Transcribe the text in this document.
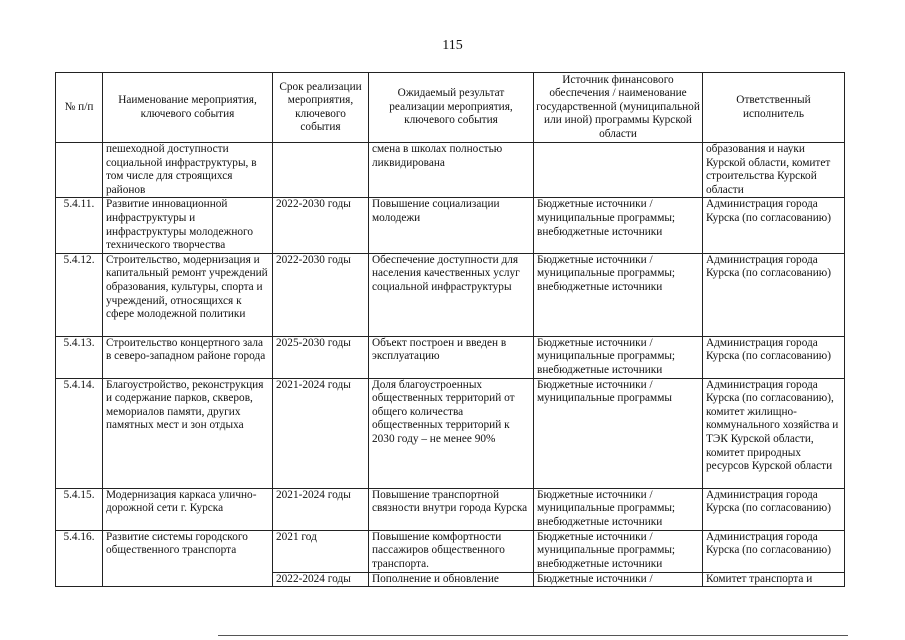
115
№ п/п	Наименование мероприятия, ключевого события	Срок реализации мероприятия, ключевого события	Ожидаемый результат реализации мероприятия, ключевого события	Источник финансового обеспечения / наименование государственной (муниципальной или иной) программы Курской области	Ответственный исполнитель
	пешеходной доступности социальной инфраструктуры, в том числе для строящихся районов		смена в школах полностью ликвидирована		образования и науки Курской области, комитет строительства Курской области
5.4.11.	Развитие инновационной инфраструктуры и инфраструктуры молодежного технического творчества	2022-2030 годы	Повышение социализации молодежи	Бюджетные источники / муниципальные программы; внебюджетные источники	Администрация города Курска (по согласованию)
5.4.12.	Строительство, модернизация и капитальный ремонт учреждений образования, культуры, спорта и учреждений, относящихся к сфере молодежной политики	2022-2030 годы	Обеспечение доступности для населения качественных услуг социальной инфраструктуры	Бюджетные источники / муниципальные программы; внебюджетные источники	Администрация города Курска (по согласованию)
5.4.13.	Строительство концертного зала в северо-западном районе города	2025-2030 годы	Объект построен и введен в эксплуатацию	Бюджетные источники / муниципальные программы; внебюджетные источники	Администрация города Курска (по согласованию)
5.4.14.	Благоустройство, реконструкция и содержание парков, скверов, мемориалов памяти, других памятных мест и зон отдыха	2021-2024 годы	Доля благоустроенных общественных территорий от общего количества общественных территорий к 2030 году – не менее 90%	Бюджетные источники / муниципальные программы	Администрация города Курска (по согласованию), комитет жилищно-коммунального хозяйства и ТЭК Курской области, комитет природных ресурсов Курской области
5.4.15.	Модернизация каркаса улично-дорожной сети г. Курска	2021-2024 годы	Повышение транспортной связности внутри города Курска	Бюджетные источники / муниципальные программы; внебюджетные источники	Администрация города Курска (по согласованию)
5.4.16.	Развитие системы городского общественного транспорта	2021 год	Повышение комфортности пассажиров общественного транспорта.	Бюджетные источники / муниципальные программы; внебюджетные источники	Администрация города Курска (по согласованию)
		2022-2024 годы	Пополнение и обновление	Бюджетные источники /	Комитет транспорта и
